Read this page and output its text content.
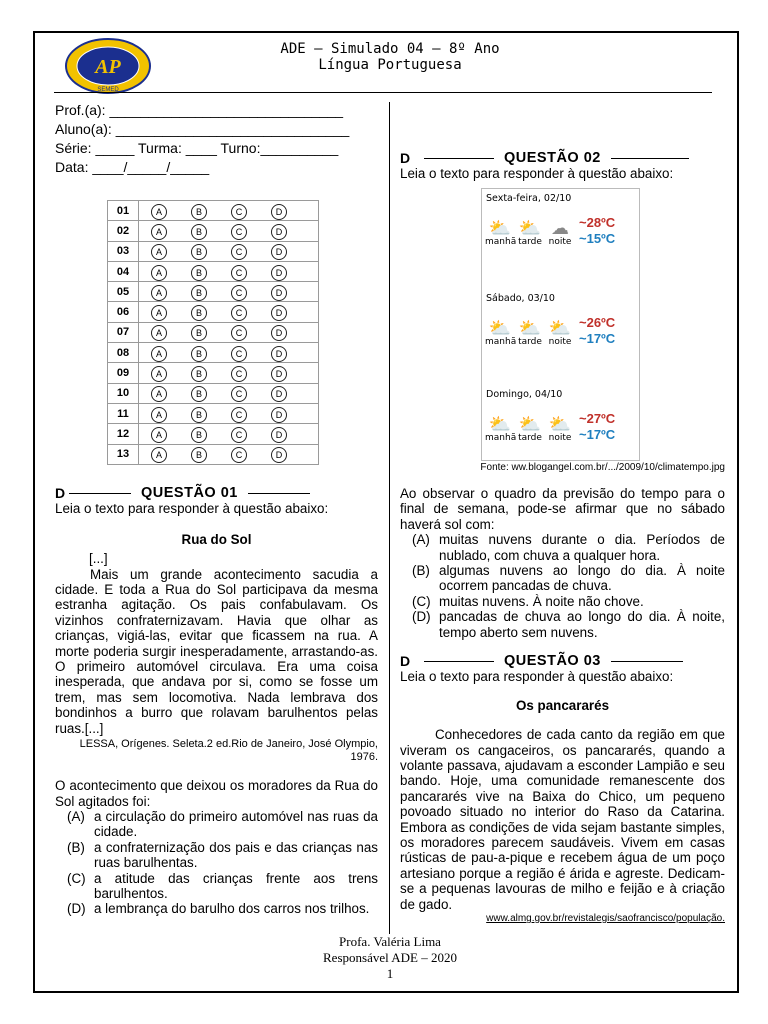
AP
SEMED
ADE – Simulado 04 – 8º Ano
Língua Portuguesa
Prof.(a): ______________________________
Aluno(a): ______________________________
Série: _____ Turma: ____ Turno:__________
Data: ____/_____/_____
01	A B C D
02	A B C D
03	A B C D
04	A B C D
05	A B C D
06	A B C D
07	A B C D
08	A B C D
09	A B C D
10	A B C D
11	A B C D
12	A B C D
13	A B C D
D	QUESTÃO 01
Leia o texto para responder à questão abaixo:
Rua do Sol
[...]
Mais um grande acontecimento sacudia a cidade. E toda a Rua do Sol participava da mesma estranha agitação. Os pais confabulavam. Os vizinhos confraternizavam. Havia que olhar as crianças, vigiá-las, evitar que ficassem na rua. A morte poderia surgir inesperadamente, arrastando-as. O primeiro automóvel circulava. Era uma coisa inesperada, que andava por si, como se fosse um trem, mas sem locomotiva. Nada lembrava dos bondinhos a burro que rolavam barulhentos pelas ruas.[...]
LESSA, Orígenes. Seleta.2 ed.Rio de Janeiro, José Olympio, 1976.
O acontecimento que deixou os moradores da Rua do Sol agitados foi:
(A) a circulação do primeiro automóvel nas ruas da cidade.
(B) a confraternização dos pais e das crianças nas ruas barulhentas.
(C) a atitude das crianças frente aos trens barulhentos.
(D) a lembrança do barulho dos carros nos trilhos.
D	QUESTÃO 02
Leia o texto para responder à questão abaixo:
Sexta-feira, 02/10
⛅
manhã
⛅
tarde
☁
noite
~28ºC
~15ºC
Sábado, 03/10
⛅
manhã
⛅
tarde
⛅
noite
~26ºC
~17ºC
Domingo, 04/10
⛅
manhã
⛅
tarde
⛅
noite
~27ºC
~17ºC
Fonte: ww.blogangel.com.br/.../2009/10/climatempo.jpg
Ao observar o quadro da previsão do tempo para o final de semana, pode-se afirmar que no sábado haverá sol com:
(A) muitas nuvens durante o dia. Períodos de nublado, com chuva a qualquer hora.
(B) algumas nuvens ao longo do dia. À noite ocorrem pancadas de chuva.
(C) muitas nuvens. À noite não chove.
(D) pancadas de chuva ao longo do dia. À noite, tempo aberto sem nuvens.
D	QUESTÃO 03
Leia o texto para responder à questão abaixo:
Os pancararés
Conhecedores de cada canto da região em que viveram os cangaceiros, os pancararés, quando a volante passava, ajudavam a esconder Lampião e seu bando. Hoje, uma comunidade remanescente dos pancararés vive na Baixa do Chico, um pequeno povoado situado no interior do Raso da Catarina. Embora as condições de vida sejam bastante simples, os moradores parecem saudáveis. Vivem em casas rústicas de pau-a-pique e recebem água de um poço artesiano porque a região é árida e agreste. Dedicam-se a pequenas lavouras de milho e feijão e à criação de gado.
www.almg.gov.br/revistalegis/saofrancisco/população.
Profa. Valéria Lima
Responsável ADE – 2020
1
